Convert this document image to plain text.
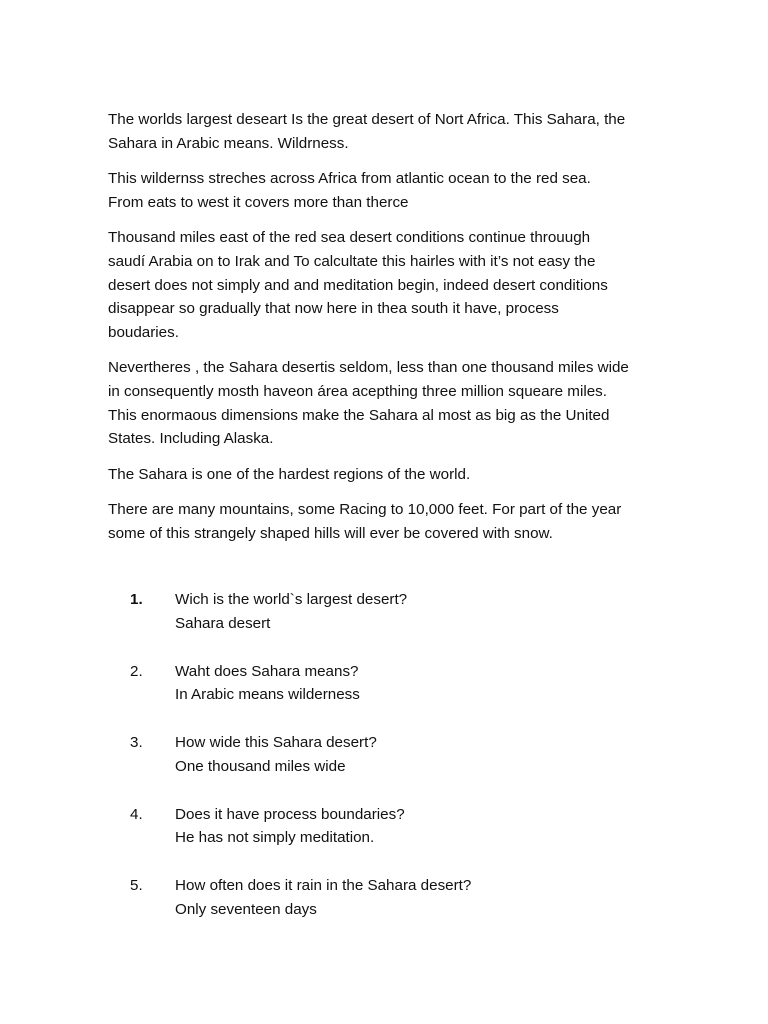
The worlds largest deseart Is the great desert of Nort Africa. This Sahara, the
Sahara in Arabic means. Wildrness.

This wildernss streches across Africa from atlantic ocean to the red sea.
From eats to west it covers more than therce

Thousand miles east of the red sea desert conditions continue throuugh
saudí Arabia on to Irak and To calcultate this hairles with it’s not easy the
desert does not simply and and meditation begin, indeed desert conditions
disappear so gradually that now here in thea south it have, process
boudaries.

Nevertheres , the Sahara desertis seldom, less than one thousand miles wide
in consequently mosth haveon área acepthing three million squeare miles.
This enormaous dimensions make the Sahara al most as big as the United
States. Including Alaska.

The Sahara is one of the hardest regions of the world.

There are many mountains, some Racing to 10,000 feet. For part of the year
some of this strangely shaped hills will ever be covered with snow.

1. Wich is the world`s largest desert?
Sahara desert
2. Waht does Sahara means?
In Arabic means wilderness
3. How wide this Sahara desert?
One thousand miles wide
4. Does it have process boundaries?
He has not simply meditation.
5. How often does it rain in the Sahara desert?
Only seventeen days
